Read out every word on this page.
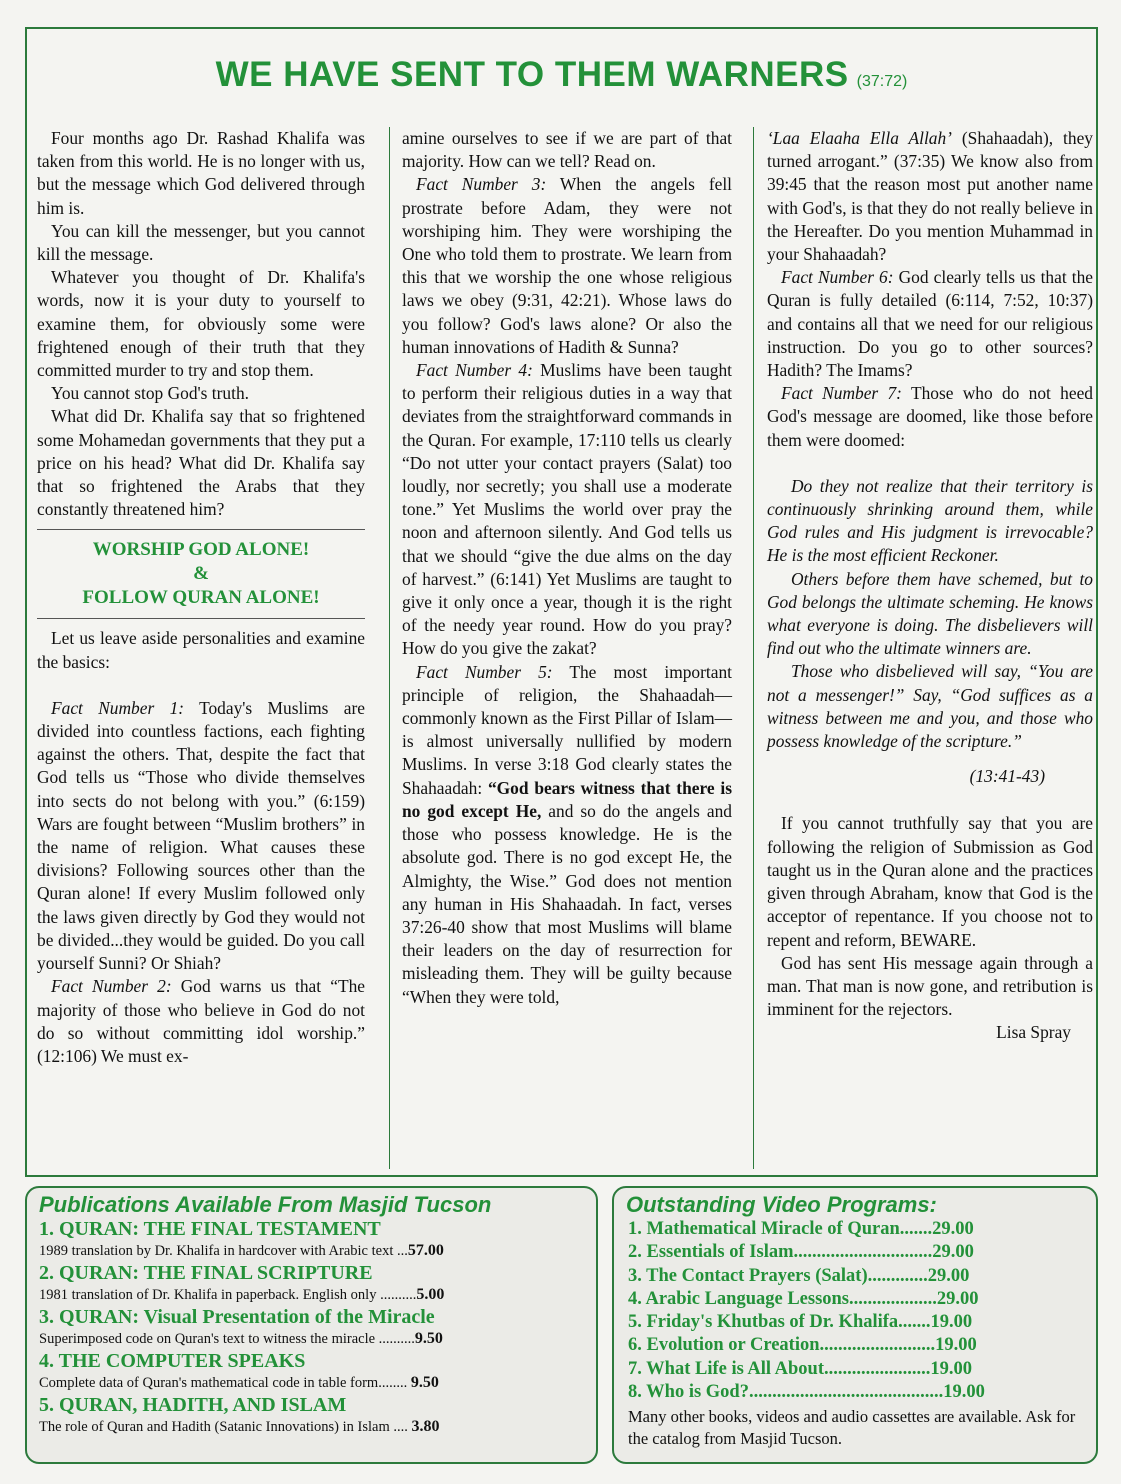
WE HAVE SENT TO THEM WARNERS (37:72)

Four months ago Dr. Rashad Khalifa was taken from this world. He is no longer with us, but the message which God delivered through him is.

You can kill the messenger, but you cannot kill the message.

Whatever you thought of Dr. Khalifa's words, now it is your duty to yourself to examine them, for obviously some were frightened enough of their truth that they committed murder to try and stop them.

You cannot stop God's truth.

What did Dr. Khalifa say that so frightened some Mohamedan governments that they put a price on his head? What did Dr. Khalifa say that so frightened the Arabs that they constantly threatened him?

WORSHIP GOD ALONE!
&
FOLLOW QURAN ALONE!

Let us leave aside personalities and examine the basics:

Fact Number 1: Today's Muslims are divided into countless factions, each fighting against the others. That, despite the fact that God tells us “Those who divide themselves into sects do not belong with you.” (6:159) Wars are fought between “Muslim brothers” in the name of religion. What causes these divisions? Following sources other than the Quran alone! If every Muslim followed only the laws given directly by God they would not be divided...they would be guided. Do you call yourself Sunni? Or Shiah?

Fact Number 2: God warns us that “The majority of those who believe in God do not do so without committing idol worship.” (12:106) We must ex-

amine ourselves to see if we are part of that majority. How can we tell? Read on.

Fact Number 3: When the angels fell prostrate before Adam, they were not worshiping him. They were worshiping the One who told them to prostrate. We learn from this that we worship the one whose religious laws we obey (9:31, 42:21). Whose laws do you follow? God's laws alone? Or also the human innovations of Hadith & Sunna?

Fact Number 4: Muslims have been taught to perform their religious duties in a way that deviates from the straightforward commands in the Quran. For example, 17:110 tells us clearly “Do not utter your contact prayers (Salat) too loudly, nor secretly; you shall use a moderate tone.” Yet Muslims the world over pray the noon and afternoon silently. And God tells us that we should “give the due alms on the day of harvest.” (6:141) Yet Muslims are taught to give it only once a year, though it is the right of the needy year round. How do you pray? How do you give the zakat?

Fact Number 5: The most important principle of religion, the Shahaadah—commonly known as the First Pillar of Islam—is almost universally nullified by modern Muslims. In verse 3:18 God clearly states the Shahaadah: “God bears witness that there is no god except He, and so do the angels and those who possess knowledge. He is the absolute god. There is no god except He, the Almighty, the Wise.” God does not mention any human in His Shahaadah. In fact, verses 37:26-40 show that most Muslims will blame their leaders on the day of resurrection for misleading them. They will be guilty because “When they were told,

‘Laa Elaaha Ella Allah’ (Shahaadah), they turned arrogant.” (37:35) We know also from 39:45 that the reason most put another name with God's, is that they do not really believe in the Hereafter. Do you mention Muhammad in your Shahaadah?

Fact Number 6: God clearly tells us that the Quran is fully detailed (6:114, 7:52, 10:37) and contains all that we need for our religious instruction. Do you go to other sources? Hadith? The Imams?

Fact Number 7: Those who do not heed God's message are doomed, like those before them were doomed:

Do they not realize that their territory is continuously shrinking around them, while God rules and His judgment is irrevocable? He is the most efficient Reckoner.

Others before them have schemed, but to God belongs the ultimate scheming. He knows what everyone is doing. The disbelievers will find out who the ultimate winners are.

Those who disbelieved will say, “You are not a messenger!” Say, “God suffices as a witness between me and you, and those who possess knowledge of the scripture.”

(13:41-43)

If you cannot truthfully say that you are following the religion of Submission as God taught us in the Quran alone and the practices given through Abraham, know that God is the acceptor of repentance. If you choose not to repent and reform, BEWARE.

God has sent His message again through a man. That man is now gone, and retribution is imminent for the rejectors.

Lisa Spray
Publications Available From Masjid Tucson
1. QURAN: THE FINAL TESTAMENT
1989 translation by Dr. Khalifa in hardcover with Arabic text ...57.00
2. QURAN: THE FINAL SCRIPTURE
1981 translation of Dr. Khalifa in paperback. English only ..........5.00
3. QURAN: Visual Presentation of the Miracle
Superimposed code on Quran's text to witness the miracle ..........9.50
4. THE COMPUTER SPEAKS
Complete data of Quran's mathematical code in table form........ 9.50
5. QURAN, HADITH, AND ISLAM
The role of Quran and Hadith (Satanic Innovations) in Islam .... 3.80
Outstanding Video Programs:
1. Mathematical Miracle of Quran.......29.00
2. Essentials of Islam..............................29.00
3. The Contact Prayers (Salat).............29.00
4. Arabic Language Lessons...................29.00
5. Friday's Khutbas of Dr. Khalifa.......19.00
6. Evolution or Creation.........................19.00
7. What Life is All About.......................19.00
8. Who is God?..........................................19.00
Many other books, videos and audio cassettes are available. Ask for the catalog from Masjid Tucson.
